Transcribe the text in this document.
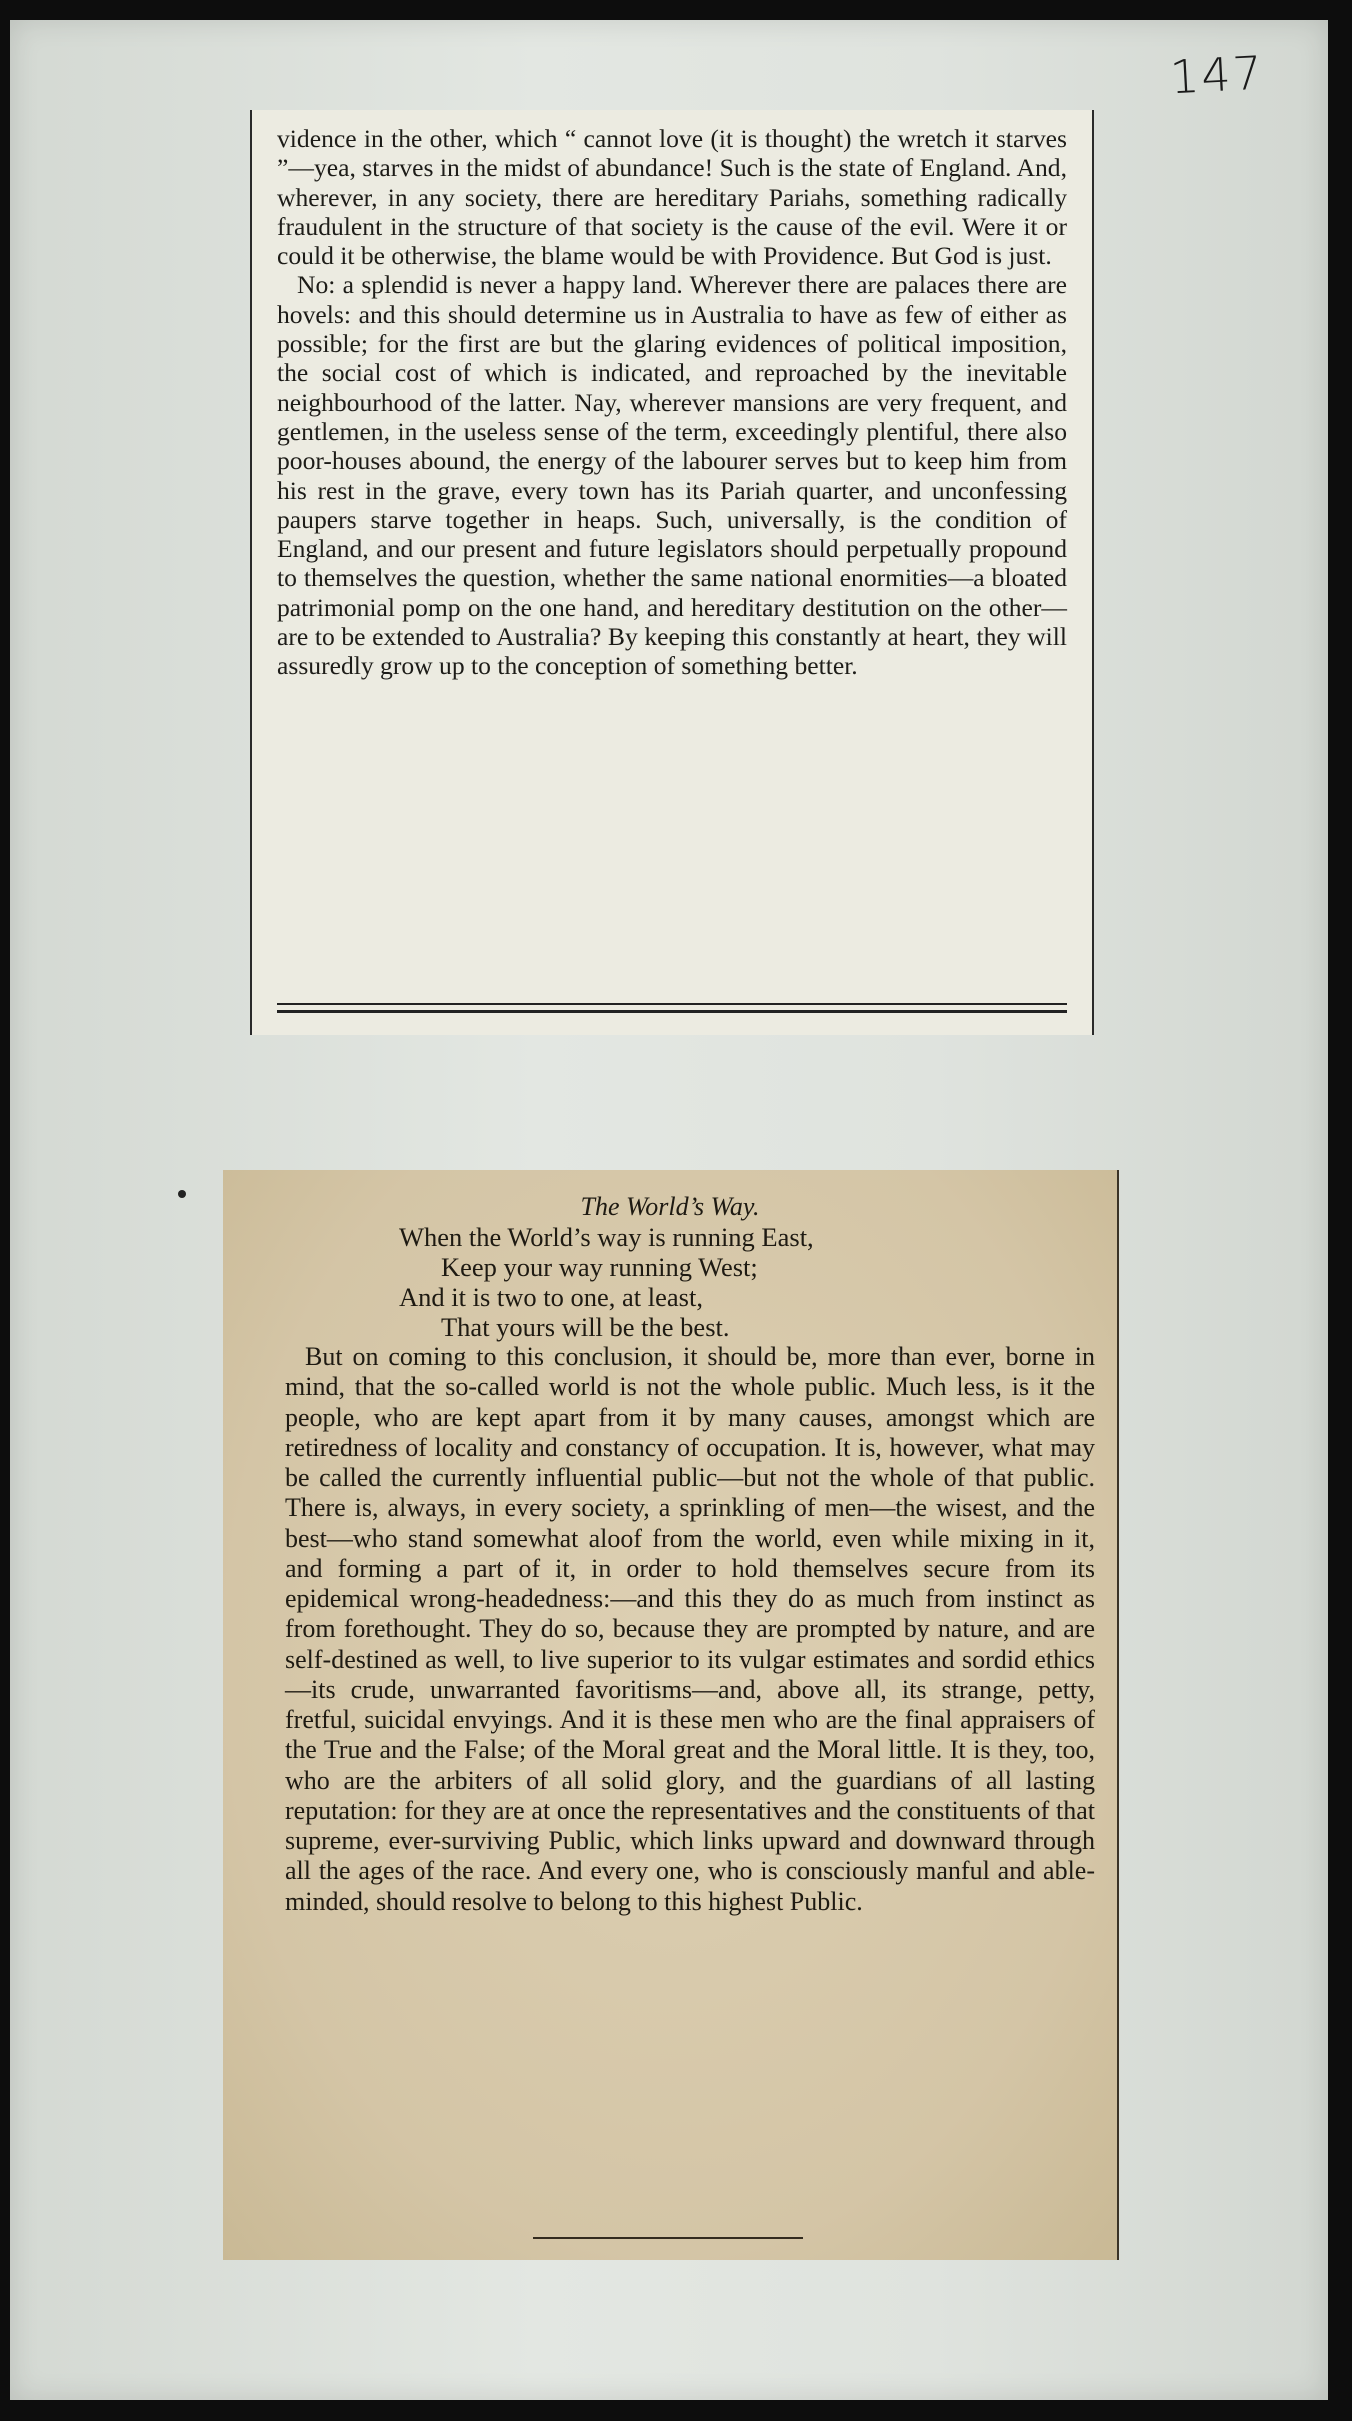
147

vidence in the other, which “ cannot love (it is thought) the wretch it starves ”—yea, starves in the midst of abundance! Such is the state of England. And, wherever, in any society, there are hereditary Pariahs, something radically fraudulent in the structure of that society is the cause of the evil. Were it or could it be otherwise, the blame would be with Providence. But God is just.

No: a splendid is never a happy land. Wherever there are palaces there are hovels: and this should determine us in Australia to have as few of either as possible; for the first are but the glaring evidences of political imposition, the social cost of which is indicated, and reproached by the inevitable neighbourhood of the latter. Nay, wherever mansions are very frequent, and gentlemen, in the useless sense of the term, exceedingly plentiful, there also poor-houses abound, the energy of the labourer serves but to keep him from his rest in the grave, every town has its Pariah quarter, and unconfessing paupers starve together in heaps. Such, universally, is the condition of England, and our present and future legislators should perpetually propound to themselves the question, whether the same national enormities—a bloated patrimonial pomp on the one hand, and hereditary destitution on the other—are to be extended to Australia? By keeping this constantly at heart, they will assuredly grow up to the conception of something better.

The World’s Way.
When the World’s way is running East,
Keep your way running West;
And it is two to one, at least,
That yours will be the best.
But on coming to this conclusion, it should be, more than ever, borne in mind, that the so-called world is not the whole public. Much less, is it the people, who are kept apart from it by many causes, amongst which are retiredness of locality and constancy of occupation. It is, however, what may be called the currently influential public—but not the whole of that public. There is, always, in every society, a sprinkling of men—the wisest, and the best—who stand somewhat aloof from the world, even while mixing in it, and forming a part of it, in order to hold themselves secure from its epidemical wrong-headedness:—and this they do as much from instinct as from forethought. They do so, because they are prompted by nature, and are self-destined as well, to live superior to its vulgar estimates and sordid ethics—its crude, unwarranted favoritisms—and, above all, its strange, petty, fretful, suicidal envyings. And it is these men who are the final appraisers of the True and the False; of the Moral great and the Moral little. It is they, too, who are the arbiters of all solid glory, and the guardians of all lasting reputation: for they are at once the representatives and the constituents of that supreme, ever-surviving Public, which links upward and downward through all the ages of the race. And every one, who is consciously manful and able-minded, should resolve to belong to this highest Public.
